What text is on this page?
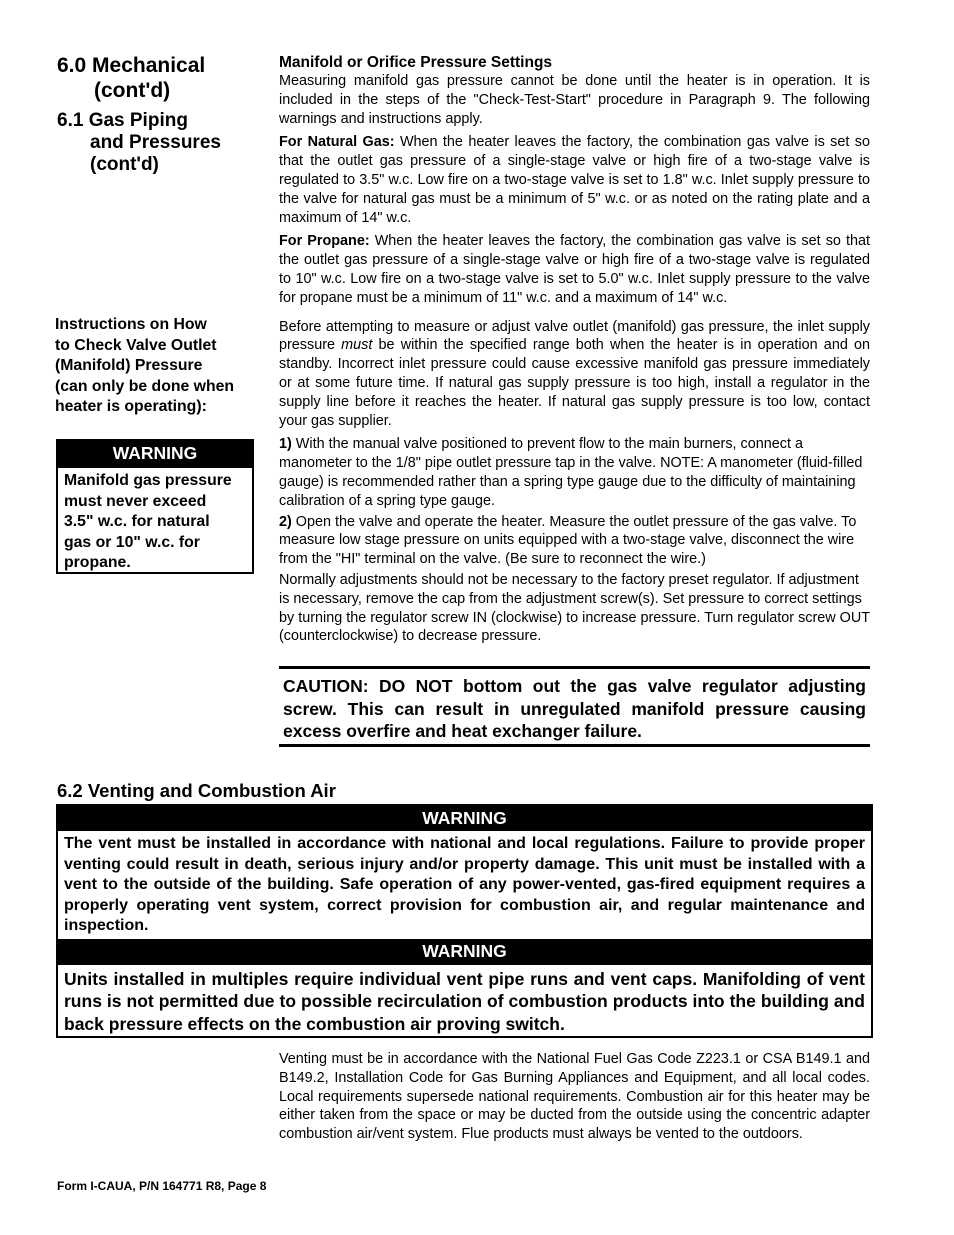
6.0 Mechanical
(cont'd)
6.1 Gas Piping
and Pressures
(cont'd)
Instructions on How
to Check Valve Outlet
(Manifold) Pressure
(can only be done when
heater is operating):
WARNING
Manifold gas pressure
must never exceed
3.5" w.c. for natural
gas or 10" w.c. for
propane.
Manifold or Orifice Pressure Settings

Measuring manifold gas pressure cannot be done until the heater is in operation. It is included in the steps of the "Check-Test-Start" procedure in Paragraph 9. The following warnings and instructions apply.

For Natural Gas: When the heater leaves the factory, the combination gas valve is set so that the outlet gas pressure of a single-stage valve or high fire of a two-stage valve is regulated to 3.5" w.c. Low fire on a two-stage valve is set to 1.8" w.c. Inlet supply pressure to the valve for natural gas must be a minimum of 5" w.c. or as noted on the rating plate and a maximum of 14" w.c.

For Propane: When the heater leaves the factory, the combination gas valve is set so that the outlet gas pressure of a single-stage valve or high fire of a two-stage valve is regulated to 10" w.c. Low fire on a two-stage valve is set to 5.0" w.c. Inlet supply pressure to the valve for propane must be a minimum of 11" w.c. and a maximum of 14" w.c.

Before attempting to measure or adjust valve outlet (manifold) gas pressure, the inlet supply pressure must be within the specified range both when the heater is in operation and on standby. Incorrect inlet pressure could cause excessive manifold gas pressure immediately or at some future time. If natural gas supply pressure is too high, install a regulator in the supply line before it reaches the heater. If natural gas supply pressure is too low, contact your gas supplier.

1) With the manual valve positioned to prevent flow to the main burners, connect a manometer to the 1/8" pipe outlet pressure tap in the valve. NOTE: A manometer (fluid-filled gauge) is recommended rather than a spring type gauge due to the difficulty of maintaining calibration of a spring type gauge.

2) Open the valve and operate the heater. Measure the outlet pressure of the gas valve. To measure low stage pressure on units equipped with a two-stage valve, disconnect the wire from the "HI" terminal on the valve. (Be sure to reconnect the wire.)

Normally adjustments should not be necessary to the factory preset regulator. If adjustment is necessary, remove the cap from the adjustment screw(s). Set pressure to correct settings by turning the regulator screw IN (clockwise) to increase pressure. Turn regulator screw OUT (counterclockwise) to decrease pressure.

CAUTION: DO NOT bottom out the gas valve regulator adjusting screw. This can result in unregulated manifold pressure causing excess overfire and heat exchanger failure.
6.2 Venting and Combustion Air
WARNING
The vent must be installed in accordance with national and local regulations. Failure to provide proper venting could result in death, serious injury and/or property damage. This unit must be installed with a vent to the outside of the building. Safe operation of any power-vented, gas-fired equipment requires a properly operating vent system, correct provision for combustion air, and regular maintenance and inspection.
WARNING
Units installed in multiples require individual vent pipe runs and vent caps. Manifolding of vent runs is not permitted due to possible recirculation of combustion products into the building and back pressure effects on the combustion air proving switch.
Venting must be in accordance with the National Fuel Gas Code Z223.1 or CSA B149.1 and B149.2, Installation Code for Gas Burning Appliances and Equipment, and all local codes. Local requirements supersede national requirements. Combustion air for this heater may be either taken from the space or may be ducted from the outside using the concentric adapter combustion air/vent system. Flue products must always be vented to the outdoors.
Form I-CAUA, P/N 164771 R8, Page 8
